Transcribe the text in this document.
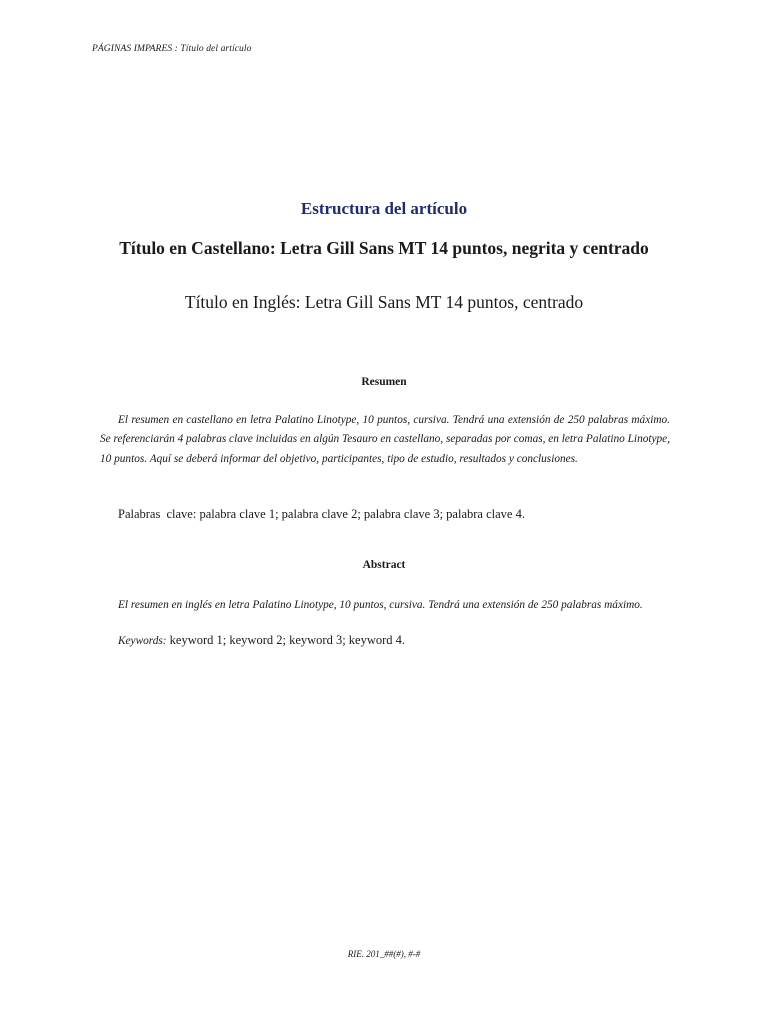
PÁGINAS IMPARES : Título del artículo
Estructura del artículo
Título en Castellano: Letra Gill Sans MT 14 puntos, negrita y centrado
Título en Inglés: Letra Gill Sans MT 14 puntos, centrado
Resumen
El resumen en castellano en letra Palatino Linotype, 10 puntos, cursiva. Tendrá una extensión de 250 palabras máximo. Se referenciarán 4 palabras clave incluidas en algún Tesauro en castellano, separadas por comas, en letra Palatino Linotype, 10 puntos. Aquí se deberá informar del objetivo, participantes, tipo de estudio, resultados y conclusiones.
Palabras clave: palabra clave 1; palabra clave 2; palabra clave 3; palabra clave 4.
Abstract
El resumen en inglés en letra Palatino Linotype, 10 puntos, cursiva. Tendrá una extensión de 250 palabras máximo.
Keywords: keyword 1; keyword 2; keyword 3; keyword 4.
RIE. 201_##(#), #-#
